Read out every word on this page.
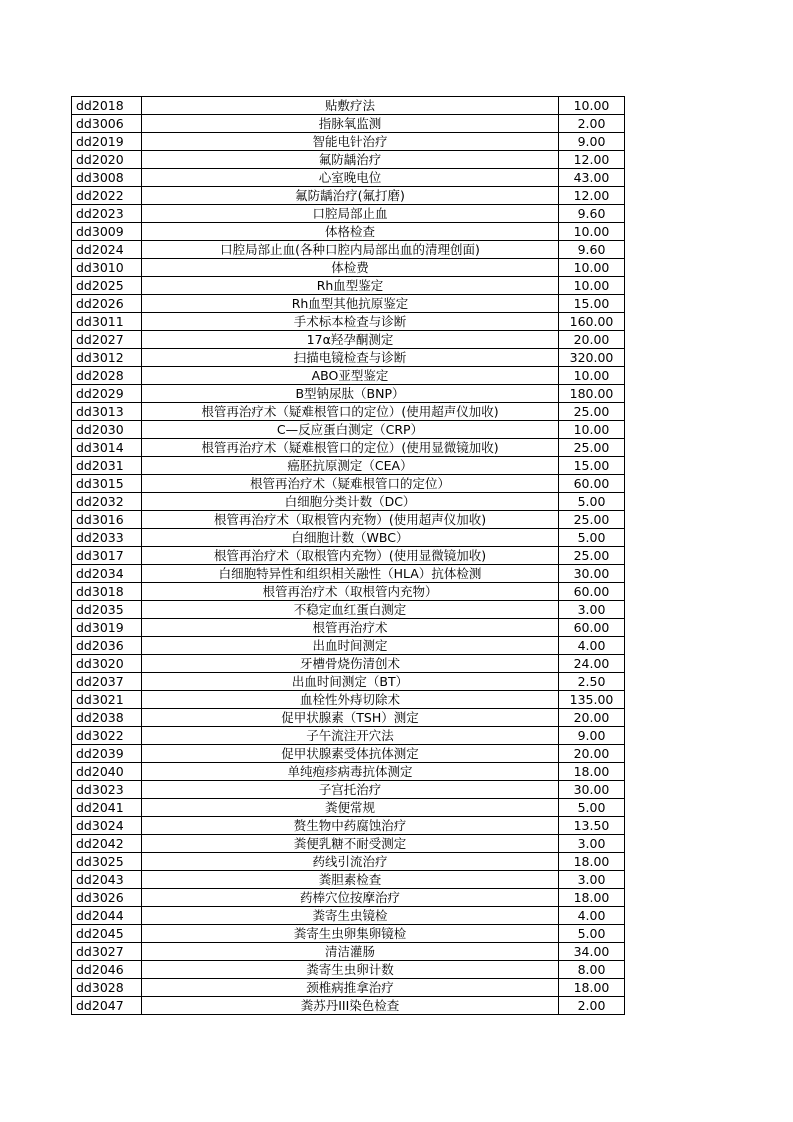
dd2018	贴敷疗法	10.00
dd3006	指脉氧监测	2.00
dd2019	智能电针治疗	9.00
dd2020	氟防龋治疗	12.00
dd3008	心室晚电位	43.00
dd2022	氟防龋治疗(氟打磨)	12.00
dd2023	口腔局部止血	9.60
dd3009	体格检查	10.00
dd2024	口腔局部止血(各种口腔内局部出血的清理创面)	9.60
dd3010	体检费	10.00
dd2025	Rh血型鉴定	10.00
dd2026	Rh血型其他抗原鉴定	15.00
dd3011	手术标本检查与诊断	160.00
dd2027	17α羟孕酮测定	20.00
dd3012	扫描电镜检查与诊断	320.00
dd2028	ABO亚型鉴定	10.00
dd2029	B型钠尿肽（BNP）	180.00
dd3013	根管再治疗术（疑难根管口的定位）(使用超声仪加收)	25.00
dd2030	C—反应蛋白测定（CRP）	10.00
dd3014	根管再治疗术（疑难根管口的定位）(使用显微镜加收)	25.00
dd2031	癌胚抗原测定（CEA）	15.00
dd3015	根管再治疗术（疑难根管口的定位）	60.00
dd2032	白细胞分类计数（DC）	5.00
dd3016	根管再治疗术（取根管内充物）(使用超声仪加收)	25.00
dd2033	白细胞计数（WBC）	5.00
dd3017	根管再治疗术（取根管内充物）(使用显微镜加收)	25.00
dd2034	白细胞特异性和组织相关融性（HLA）抗体检测	30.00
dd3018	根管再治疗术（取根管内充物）	60.00
dd2035	不稳定血红蛋白测定	3.00
dd3019	根管再治疗术	60.00
dd2036	出血时间测定	4.00
dd3020	牙槽骨烧伤清创术	24.00
dd2037	出血时间测定（BT）	2.50
dd3021	血栓性外痔切除术	135.00
dd2038	促甲状腺素（TSH）测定	20.00
dd3022	子午流注开穴法	9.00
dd2039	促甲状腺素受体抗体测定	20.00
dd2040	单纯疱疹病毒抗体测定	18.00
dd3023	子宫托治疗	30.00
dd2041	粪便常规	5.00
dd3024	赘生物中药腐蚀治疗	13.50
dd2042	粪便乳糖不耐受测定	3.00
dd3025	药线引流治疗	18.00
dd2043	粪胆素检查	3.00
dd3026	药棒穴位按摩治疗	18.00
dd2044	粪寄生虫镜检	4.00
dd2045	粪寄生虫卵集卵镜检	5.00
dd3027	清洁灌肠	34.00
dd2046	粪寄生虫卵计数	8.00
dd3028	颈椎病推拿治疗	18.00
dd2047	粪苏丹III染色检查	2.00
